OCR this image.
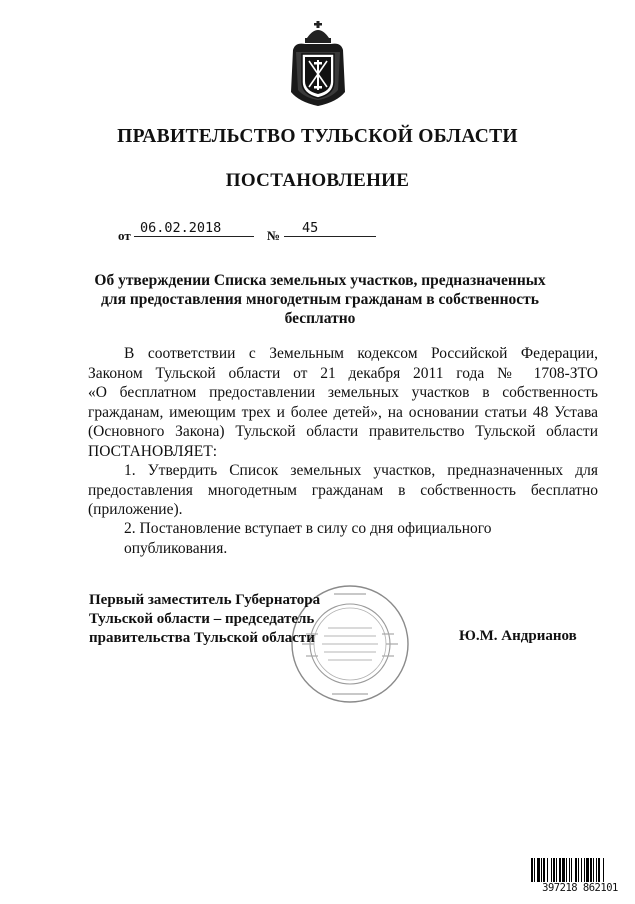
ПРАВИТЕЛЬСТВО ТУЛЬСКОЙ ОБЛАСТИ
ПОСТАНОВЛЕНИЕ
от 06.02.2018	№ 45
Об утверждении Списка земельных участков, предназначенных
для предоставления многодетным гражданам в собственность бесплатно
В соответствии с Земельным кодексом Российской Федерации,
Законом Тульской области от 21 декабря 2011 года № 1708-ЗТО
«О бесплатном предоставлении земельных участков в собственность
гражданам, имеющим трех и более детей», на основании статьи 48 Устава
(Основного Закона) Тульской области правительство Тульской области
ПОСТАНОВЛЯЕТ:
1. Утвердить Список земельных участков, предназначенных для
предоставления многодетным гражданам в собственность бесплатно
(приложение).
2. Постановление вступает в силу со дня официального опубликования.
Первый заместитель Губернатора
Тульской области – председатель
правительства Тульской области	Ю.М. Андрианов
397218 862101
